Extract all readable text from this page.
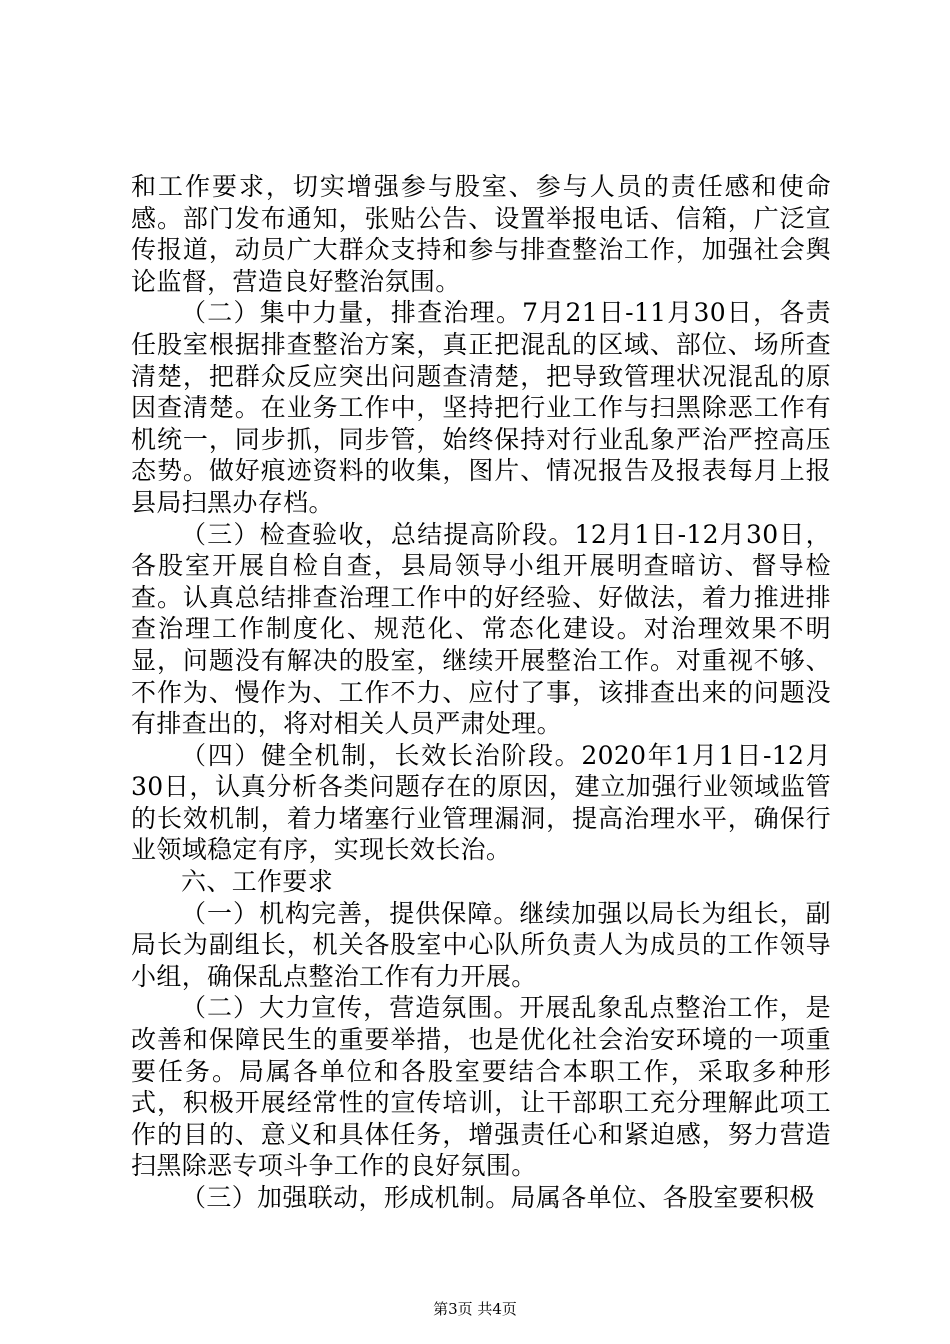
和工作要求，切实增强参与股室、参与人员的责任感和使命感。部门发布通知，张贴公告、设置举报电话、信箱，广泛宣传报道，动员广大群众支持和参与排查整治工作，加强社会舆论监督，营造良好整治氛围。

（二）集中力量，排查治理。7月21日-11月30日，各责任股室根据排查整治方案，真正把混乱的区域、部位、场所查清楚，把群众反应突出问题查清楚，把导致管理状况混乱的原因查清楚。在业务工作中，坚持把行业工作与扫黑除恶工作有机统一，同步抓，同步管，始终保持对行业乱象严治严控高压态势。做好痕迹资料的收集，图片、情况报告及报表每月上报县局扫黑办存档。

（三）检查验收，总结提高阶段。12月1日-12月30日，各股室开展自检自查，县局领导小组开展明查暗访、督导检查。认真总结排查治理工作中的好经验、好做法，着力推进排查治理工作制度化、规范化、常态化建设。对治理效果不明显，问题没有解决的股室，继续开展整治工作。对重视不够、不作为、慢作为、工作不力、应付了事，该排查出来的问题没有排查出的，将对相关人员严肃处理。

（四）健全机制，长效长治阶段。2020年1月1日-12月30日，认真分析各类问题存在的原因，建立加强行业领域监管的长效机制，着力堵塞行业管理漏洞，提高治理水平，确保行业领域稳定有序，实现长效长治。

六、工作要求

（一）机构完善，提供保障。继续加强以局长为组长，副局长为副组长，机关各股室中心队所负责人为成员的工作领导小组，确保乱点整治工作有力开展。

（二）大力宣传，营造氛围。开展乱象乱点整治工作，是改善和保障民生的重要举措，也是优化社会治安环境的一项重要任务。局属各单位和各股室要结合本职工作，采取多种形式，积极开展经常性的宣传培训，让干部职工充分理解此项工作的目的、意义和具体任务，增强责任心和紧迫感，努力营造扫黑除恶专项斗争工作的良好氛围。

（三）加强联动，形成机制。局属各单位、各股室要积极

第3页 共4页
